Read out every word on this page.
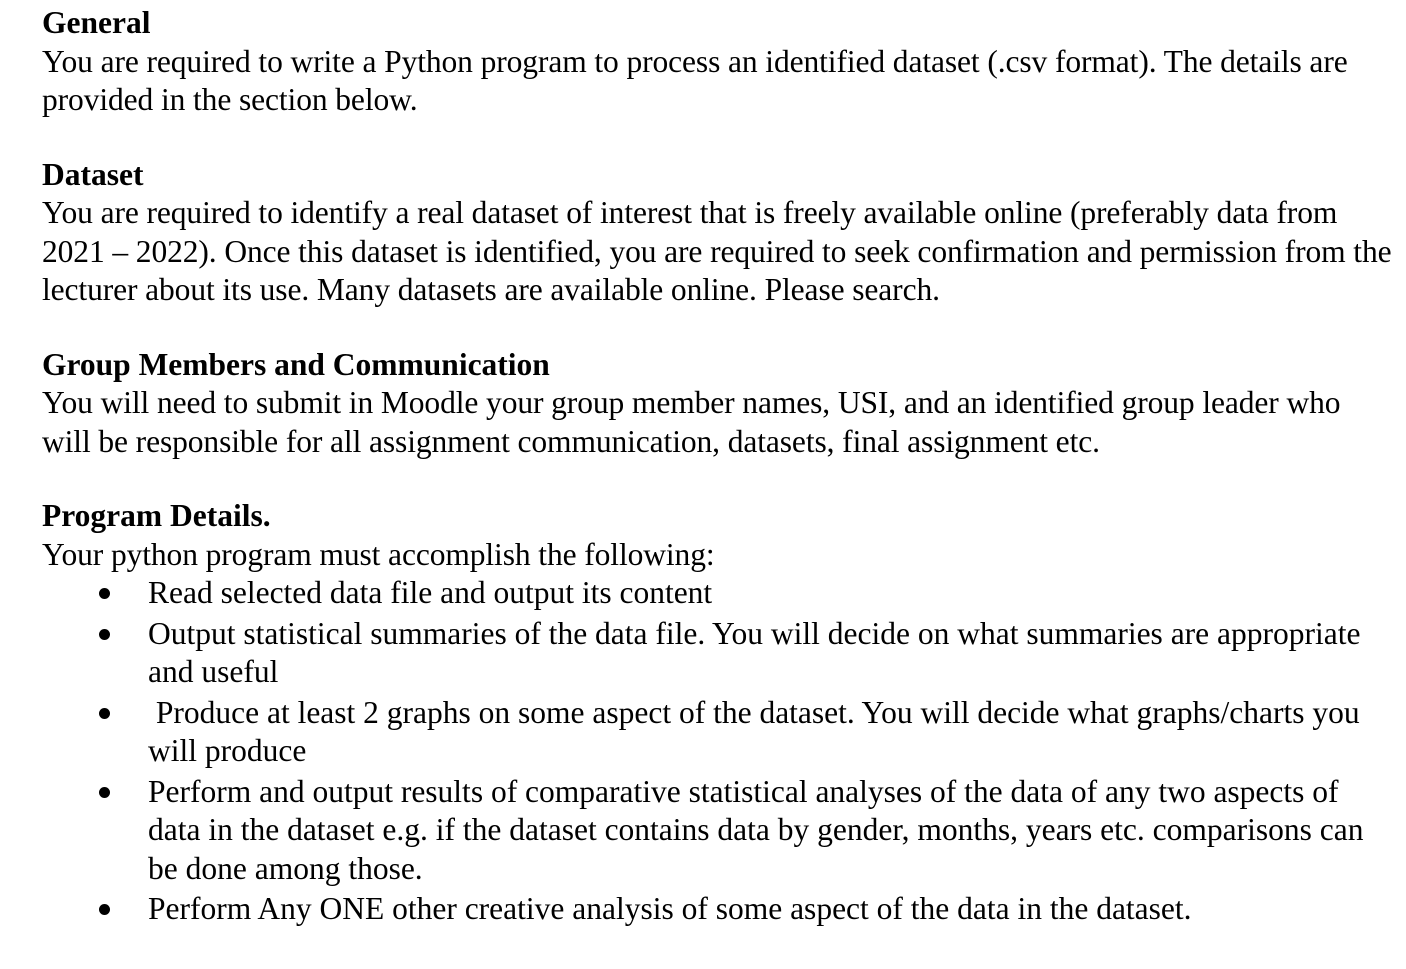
General

You are required to write a Python program to process an identified dataset (.csv format). The details are provided in the section below.

Dataset

You are required to identify a real dataset of interest that is freely available online (preferably data from 2021 – 2022). Once this dataset is identified, you are required to seek confirmation and permission from the lecturer about its use. Many datasets are available online. Please search.

Group Members and Communication

You will need to submit in Moodle your group member names, USI, and an identified group leader who will be responsible for all assignment communication, datasets, final assignment etc.

Program Details.

Your python program must accomplish the following:

Read selected data file and output its content
Output statistical summaries of the data file. You will decide on what summaries are appropriate and useful
Produce at least 2 graphs on some aspect of the dataset. You will decide what graphs/charts you will produce
Perform and output results of comparative statistical analyses of the data of any two aspects of data in the dataset e.g. if the dataset contains data by gender, months, years etc. comparisons can be done among those.
Perform Any ONE other creative analysis of some aspect of the data in the dataset.
